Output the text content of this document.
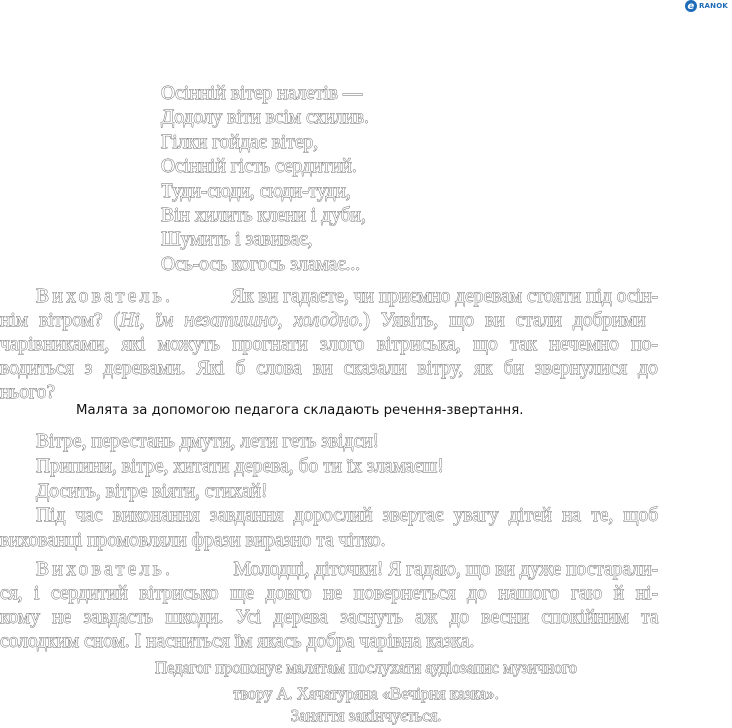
e RANOK
Осінній вітер налетів —
Додолу віти всім схилив.
Гілки гойдає вітер,
Осінній гість сердитий.
Туди-сюди, сюди-туди,
Він хилить клени і дуби,
Шумить і завиває,
Ось-ось когось зламає...
Вихователь.	Як ви гадаєте, чи приємно деревам стояти під осін-
нім вітром? (Ні, їм незатишно, холодно.) Уявіть, що ви стали добрими
чарівниками, які можуть прогнати злого вітриська, що так нечемно по-
водиться з деревами. Які б слова ви сказали вітру, як би звернулися до
нього?
Малята за допомогою педагога складають речення-звертання.
Вітре, перестань дмути, лети геть звідси!
Припини, вітре, хитати дерева, бо ти їх зламаєш!
Досить, вітре віяти, стихай!
Під час виконання завдання дорослий звертає увагу дітей на те, щоб
вихованці промовляли фрази виразно та чітко.
Вихователь.	Молодці, діточки! Я гадаю, що ви дуже постарали-
ся, і сердитий вітрисько ще довго не повернеться до нашого гаю й ні-
кому не завдасть шкоди. Усі дерева заснуть аж до весни спокійним та
солодким сном. І насниться їм якась добра чарівна казка.
Педагог пропонує малятам послухати аудіозапис музичного
твору А. Хачатуряна «Вечірня казка».
Заняття закінчується.
